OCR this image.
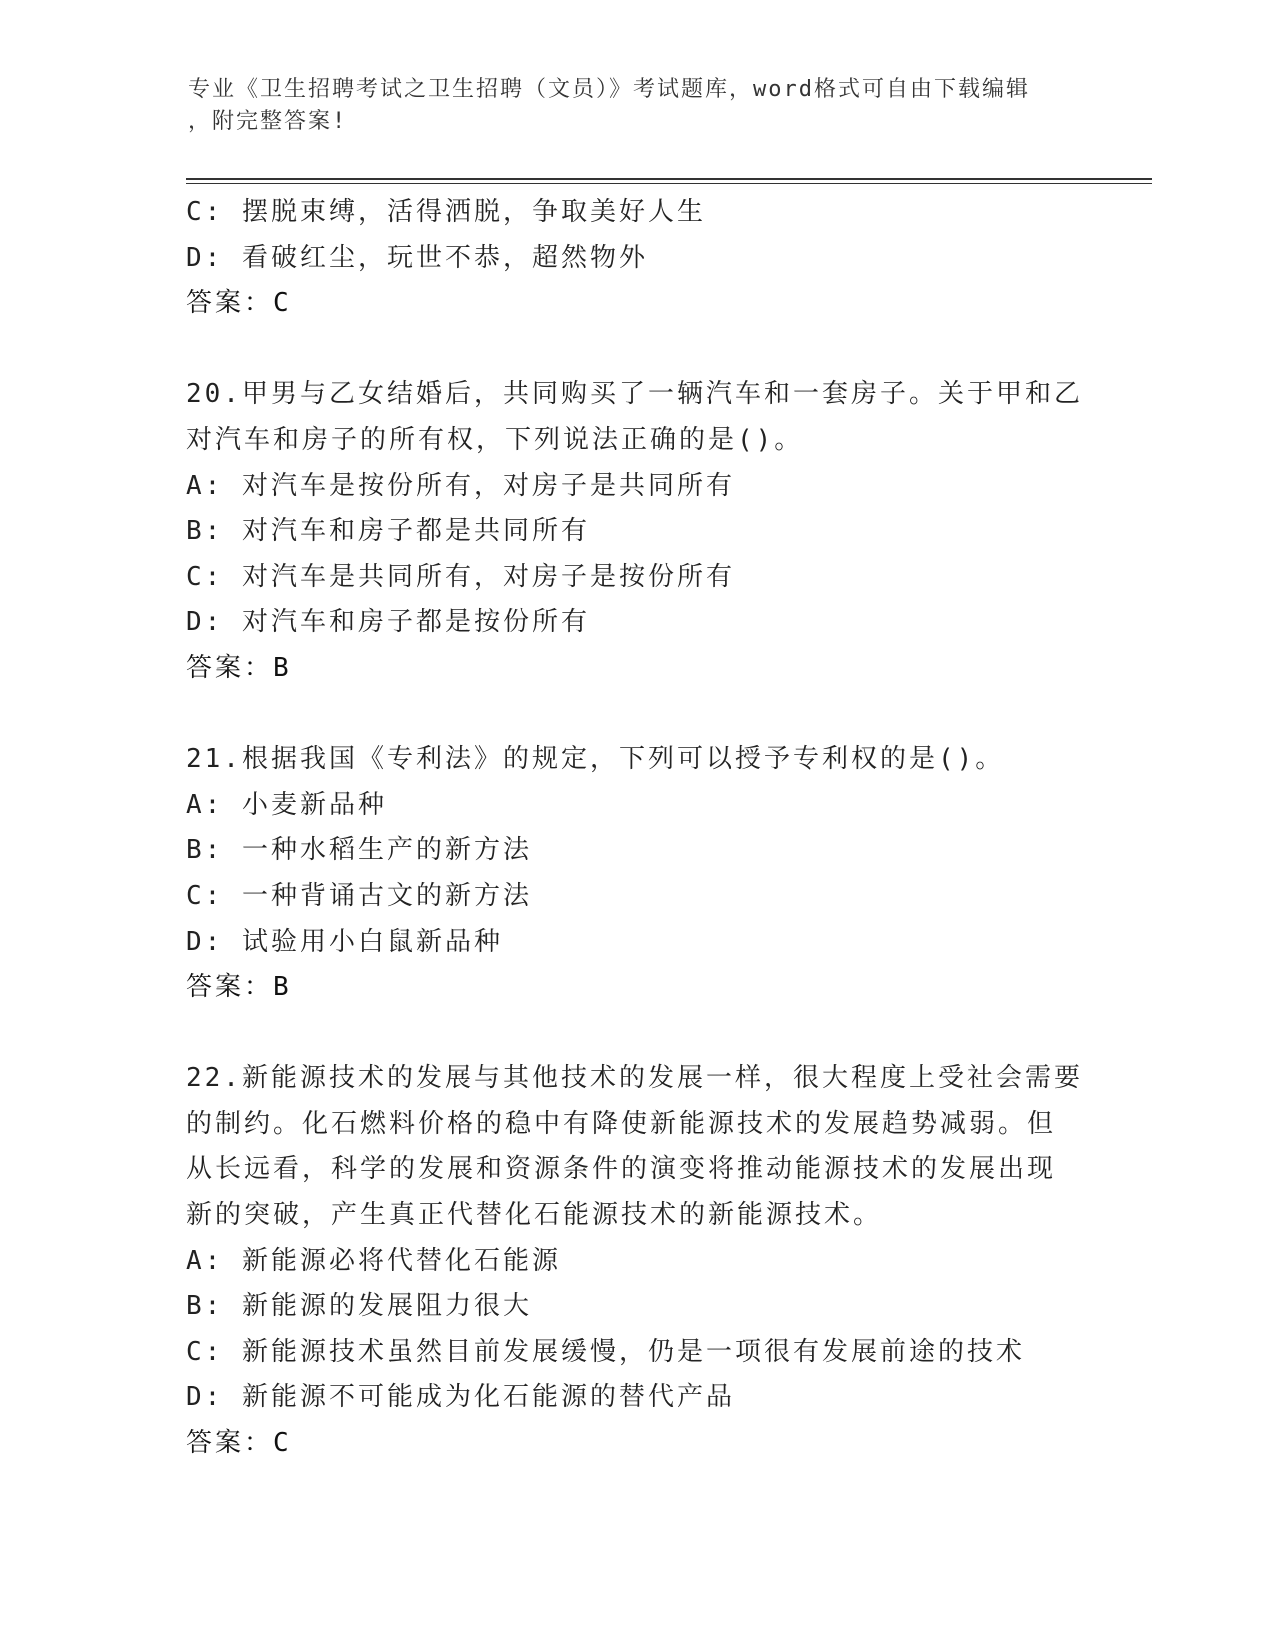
专业《卫生招聘考试之卫生招聘（文员）》考试题库，word格式可自由下载编辑
，附完整答案!
C: 摆脱束缚，活得洒脱，争取美好人生
D: 看破红尘，玩世不恭，超然物外
答案：C
20.甲男与乙女结婚后，共同购买了一辆汽车和一套房子。关于甲和乙
对汽车和房子的所有权，下列说法正确的是()。
A: 对汽车是按份所有，对房子是共同所有
B: 对汽车和房子都是共同所有
C: 对汽车是共同所有，对房子是按份所有
D: 对汽车和房子都是按份所有
答案：B
21.根据我国《专利法》的规定，下列可以授予专利权的是()。
A: 小麦新品种
B: 一种水稻生产的新方法
C: 一种背诵古文的新方法
D: 试验用小白鼠新品种
答案：B
22.新能源技术的发展与其他技术的发展一样，很大程度上受社会需要
的制约。化石燃料价格的稳中有降使新能源技术的发展趋势减弱。但
从长远看，科学的发展和资源条件的演变将推动能源技术的发展出现
新的突破，产生真正代替化石能源技术的新能源技术。
A: 新能源必将代替化石能源
B: 新能源的发展阻力很大
C: 新能源技术虽然目前发展缓慢，仍是一项很有发展前途的技术
D: 新能源不可能成为化石能源的替代产品
答案：C
